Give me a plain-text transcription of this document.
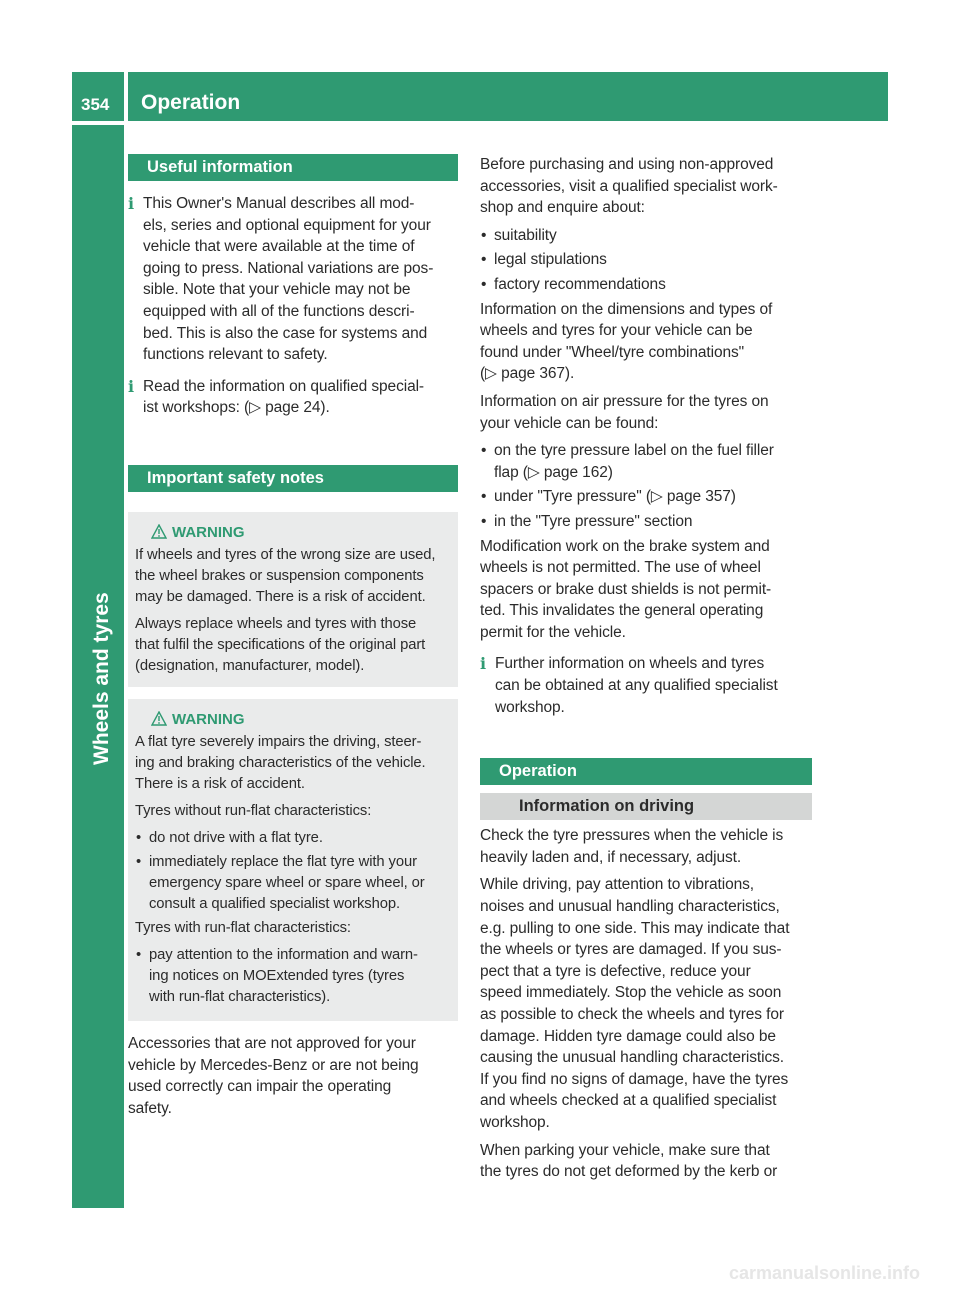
354	Operation
Wheels and tyres
Useful information
i This Owner's Manual describes all mod-
els, series and optional equipment for your
vehicle that were available at the time of
going to press. National variations are pos-
sible. Note that your vehicle may not be
equipped with all of the functions descri-
bed. This is also the case for systems and
functions relevant to safety.
i Read the information on qualified special-
ist workshops: (▷ page 24).
Important safety notes
WARNING
If wheels and tyres of the wrong size are used,
the wheel brakes or suspension components
may be damaged. There is a risk of accident.
Always replace wheels and tyres with those
that fulfil the specifications of the original part
(designation, manufacturer, model).
WARNING
A flat tyre severely impairs the driving, steer-
ing and braking characteristics of the vehicle.
There is a risk of accident.
Tyres without run-flat characteristics:
• do not drive with a flat tyre.
• immediately replace the flat tyre with your
emergency spare wheel or spare wheel, or
consult a qualified specialist workshop.
Tyres with run-flat characteristics:
• pay attention to the information and warn-
ing notices on MOExtended tyres (tyres
with run-flat characteristics).
Accessories that are not approved for your
vehicle by Mercedes-Benz or are not being
used correctly can impair the operating
safety.
Before purchasing and using non-approved
accessories, visit a qualified specialist work-
shop and enquire about:
• suitability
• legal stipulations
• factory recommendations
Information on the dimensions and types of
wheels and tyres for your vehicle can be
found under "Wheel/tyre combinations"
(▷ page 367).
Information on air pressure for the tyres on
your vehicle can be found:
• on the tyre pressure label on the fuel filler
flap (▷ page 162)
• under "Tyre pressure" (▷ page 357)
• in the "Tyre pressure" section
Modification work on the brake system and
wheels is not permitted. The use of wheel
spacers or brake dust shields is not permit-
ted. This invalidates the general operating
permit for the vehicle.
i Further information on wheels and tyres
can be obtained at any qualified specialist
workshop.
Operation
Information on driving
Check the tyre pressures when the vehicle is
heavily laden and, if necessary, adjust.
While driving, pay attention to vibrations,
noises and unusual handling characteristics,
e.g. pulling to one side. This may indicate that
the wheels or tyres are damaged. If you sus-
pect that a tyre is defective, reduce your
speed immediately. Stop the vehicle as soon
as possible to check the wheels and tyres for
damage. Hidden tyre damage could also be
causing the unusual handling characteristics.
If you find no signs of damage, have the tyres
and wheels checked at a qualified specialist
workshop.
When parking your vehicle, make sure that
the tyres do not get deformed by the kerb or
carmanualsonline.info
